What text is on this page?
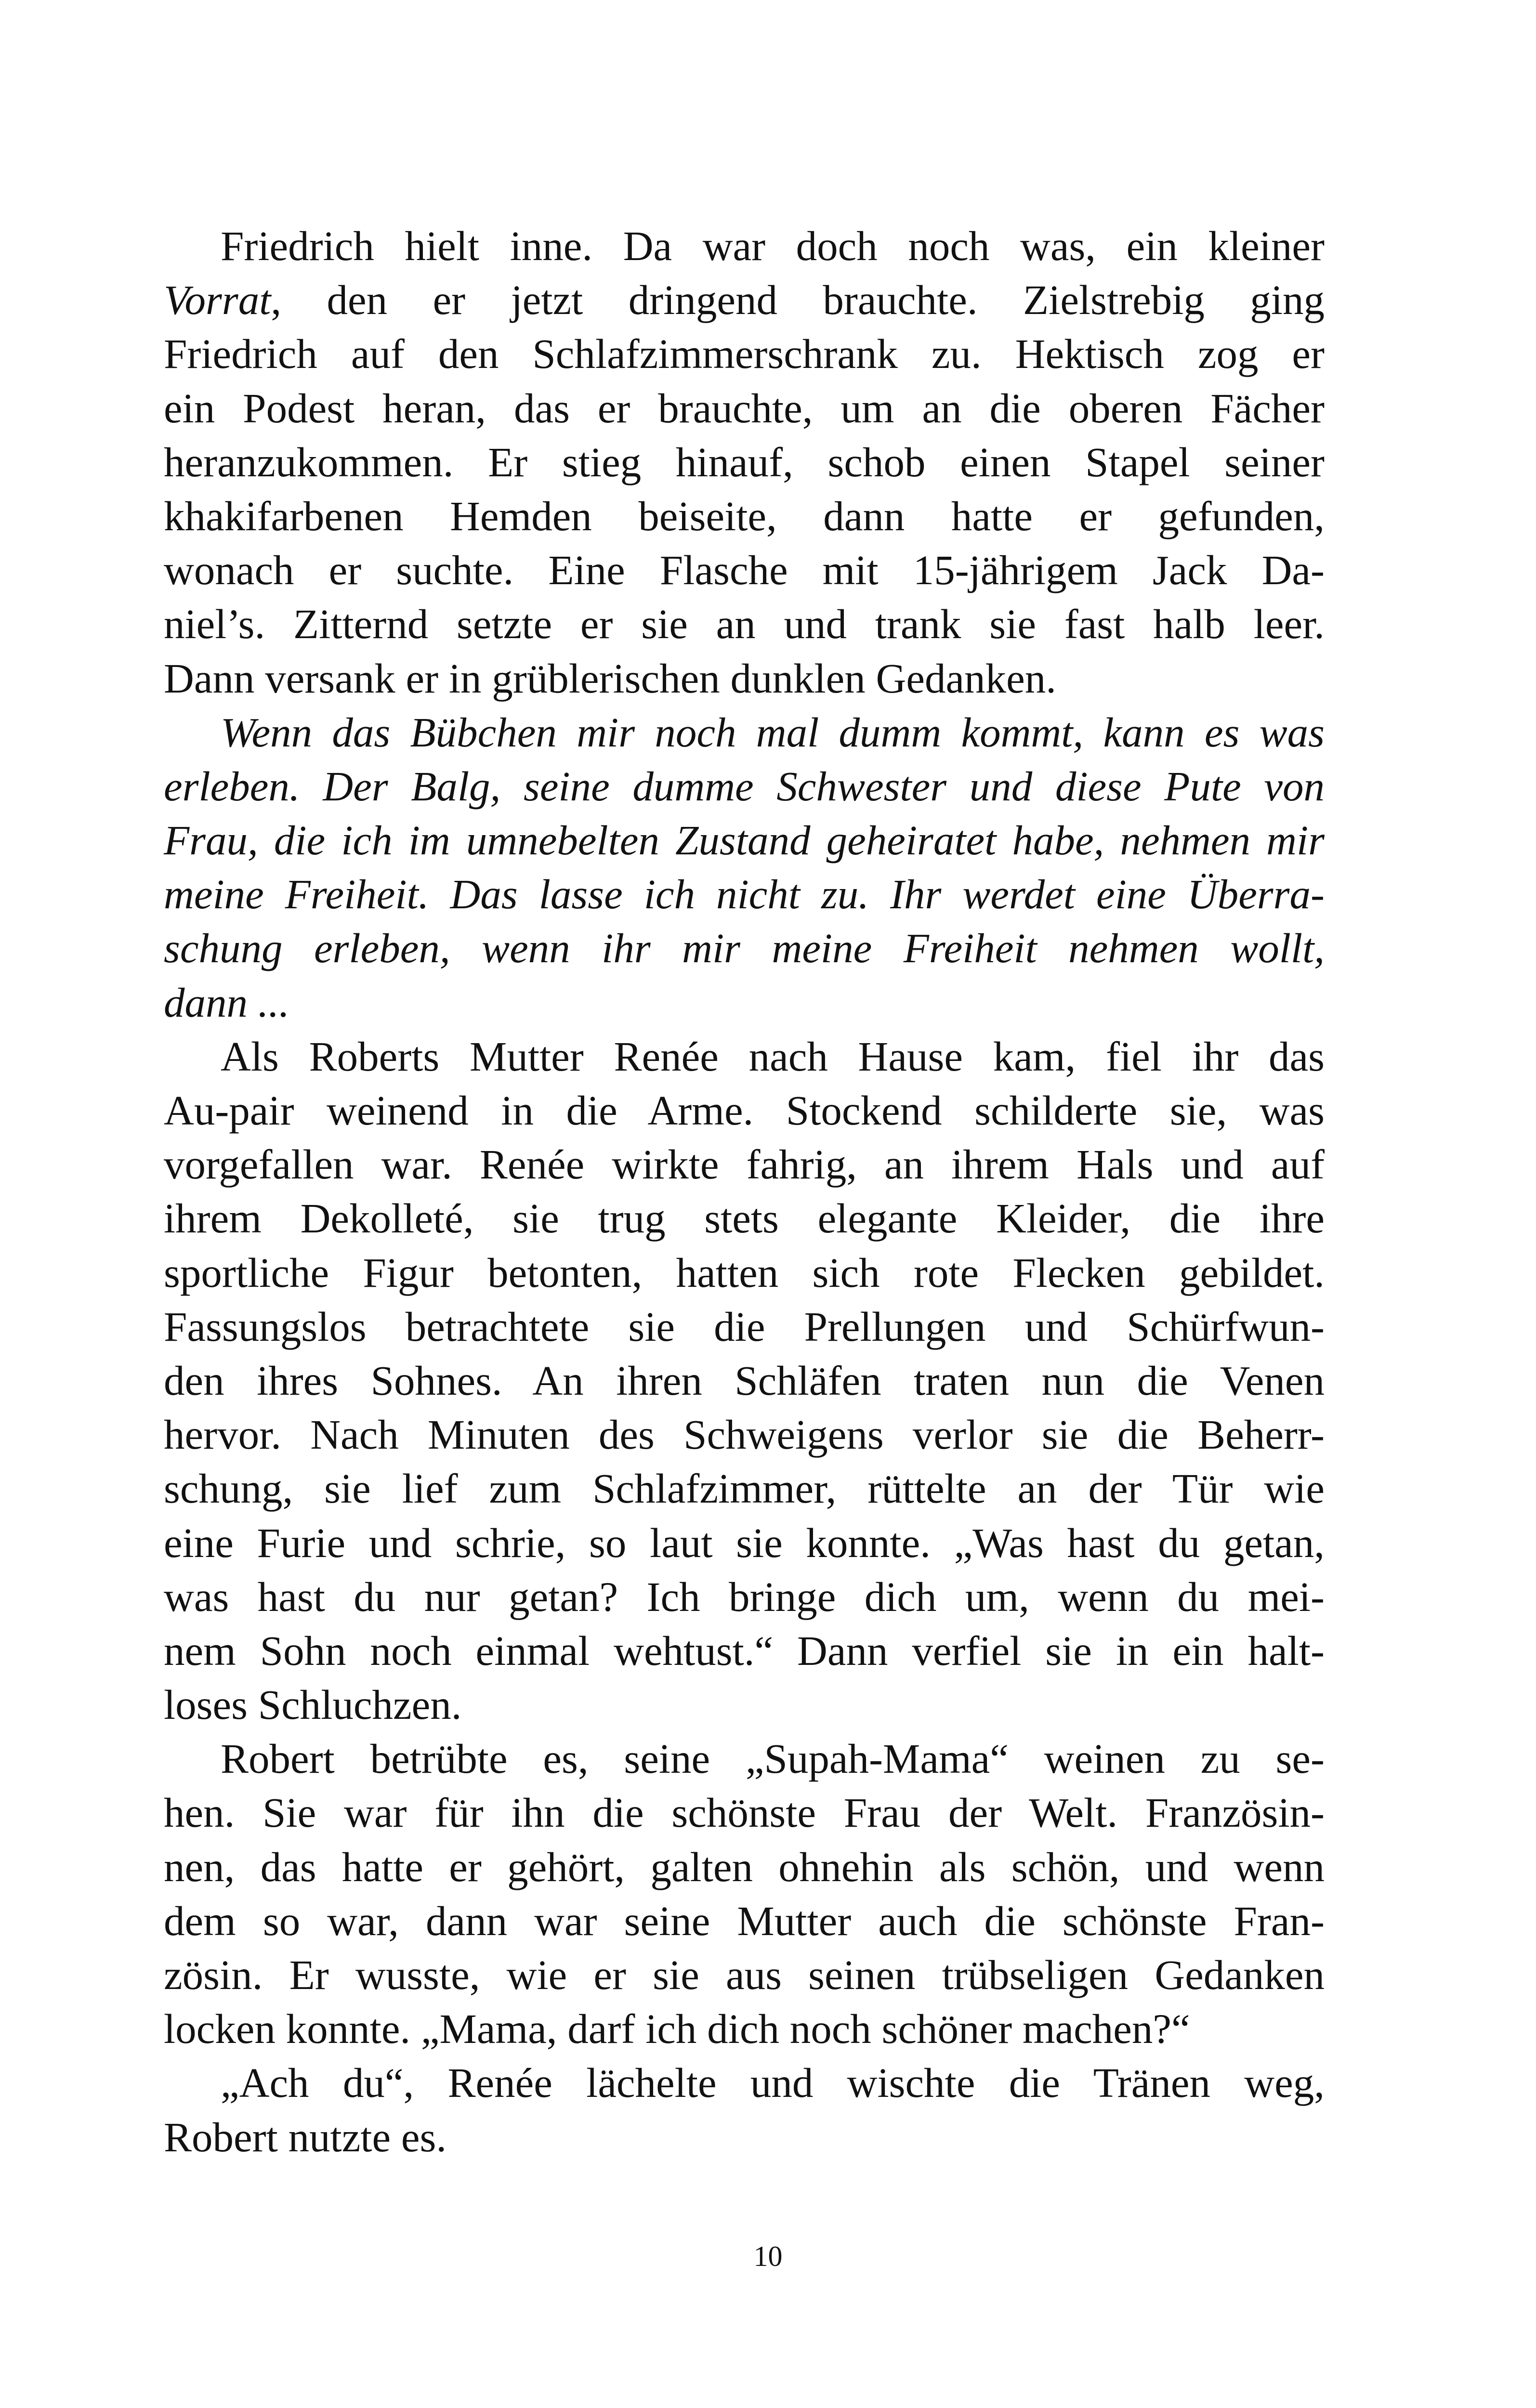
Friedrich hielt inne. Da war doch noch was, ein kleiner
Vorrat, den er jetzt dringend brauchte. Zielstrebig ging
Friedrich auf den Schlafzimmerschrank zu. Hektisch zog er
ein Podest heran, das er brauchte, um an die oberen Fächer
heranzukommen. Er stieg hinauf, schob einen Stapel seiner
khakifarbenen Hemden beiseite, dann hatte er gefunden,
wonach er suchte. Eine Flasche mit 15-jährigem Jack Da-
niel’s. Zitternd setzte er sie an und trank sie fast halb leer.
Dann versank er in grüblerischen dunklen Gedanken.
Wenn das Bübchen mir noch mal dumm kommt, kann es was
erleben. Der Balg, seine dumme Schwester und diese Pute von
Frau, die ich im umnebelten Zustand geheiratet habe, nehmen mir
meine Freiheit. Das lasse ich nicht zu. Ihr werdet eine Überra-
schung erleben, wenn ihr mir meine Freiheit nehmen wollt,
dann ...
Als Roberts Mutter Renée nach Hause kam, fiel ihr das
Au-pair weinend in die Arme. Stockend schilderte sie, was
vorgefallen war. Renée wirkte fahrig, an ihrem Hals und auf
ihrem Dekolleté, sie trug stets elegante Kleider, die ihre
sportliche Figur betonten, hatten sich rote Flecken gebildet.
Fassungslos betrachtete sie die Prellungen und Schürfwun-
den ihres Sohnes. An ihren Schläfen traten nun die Venen
hervor. Nach Minuten des Schweigens verlor sie die Beherr-
schung, sie lief zum Schlafzimmer, rüttelte an der Tür wie
eine Furie und schrie, so laut sie konnte. „Was hast du getan,
was hast du nur getan? Ich bringe dich um, wenn du mei-
nem Sohn noch einmal wehtust.“ Dann verfiel sie in ein halt-
loses Schluchzen.
Robert betrübte es, seine „Supah-Mama“ weinen zu se-
hen. Sie war für ihn die schönste Frau der Welt. Französin-
nen, das hatte er gehört, galten ohnehin als schön, und wenn
dem so war, dann war seine Mutter auch die schönste Fran-
zösin. Er wusste, wie er sie aus seinen trübseligen Gedanken
locken konnte. „Mama, darf ich dich noch schöner machen?“
„Ach du“, Renée lächelte und wischte die Tränen weg,
Robert nutzte es.
10
